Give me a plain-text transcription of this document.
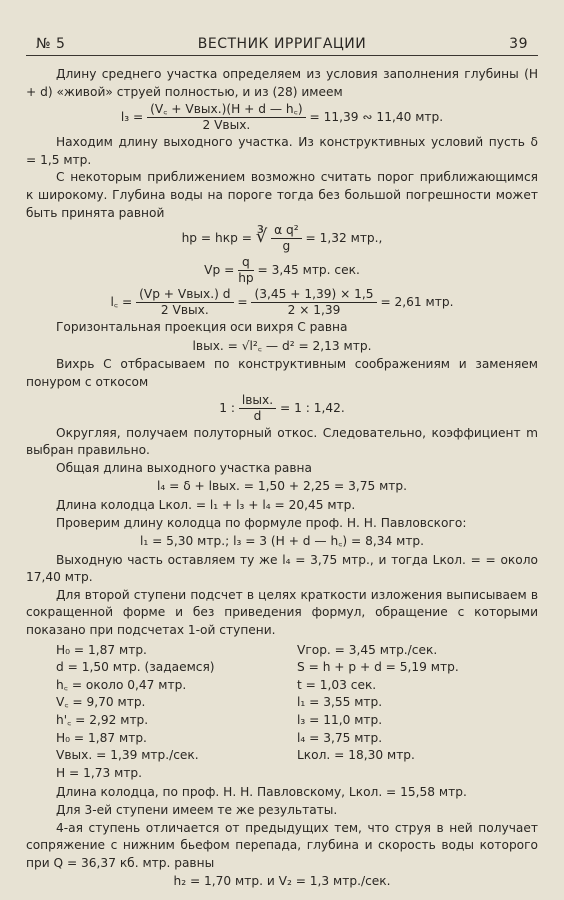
№ 5	ВЕСТНИК ИРРИГАЦИИ	39

Длину среднего участка определяем из условия заполнения глубины (H + d) «живой» струей полностью, и из (28) имеем

$l_3 = \frac{\text{(V꜀ + Vвых.)(H + d — h꜀)}}{\text{2 Vвых.}} = 11,39$ ∾ 11,40 мтр.

Находим длину выходного участка. Из конструктивных условий пусть δ = 1,5 мтр.

С некоторым приближением возможно считать порог приближающимся к широкому. Глубина воды на пороге тогда без большой погрешности может быть принята равной

hр = hкр = ∛ $\frac{\text{α q²}}{g} = 1,32$ мтр.,
Vр = $\frac{q}{hр} = 3,45$ мтр. сек.
l꜀ = $\frac{\text{(Vр + Vвых.) d}}{\text{2 Vвых.}} = \frac{(3,45 + 1,39) \times 1,5}{2 \times 1,39} = 2,61$ мтр.

Горизонтальная проекция оси вихря C равна

lвых. = √l²꜀ — d² = 2,13 мтр.

Вихрь C отбрасываем по конструктивным соображениям и заменяем понуром с откосом

1 : $\frac{\text{lвых.}}{d} = 1$ : 1,42.

Округляя, получаем полуторный откос. Следовательно, коэффициент m выбран правильно.

Общая длина выходного участка равна

l₄ = δ + lвых. = 1,50 + 2,25 = 3,75 мтр.

Длина колодца Lкол. = l₁ + l₃ + l₄ = 20,45 мтр.

Проверим длину колодца по формуле проф. Н. Н. Павловского:

l₁ = 5,30 мтр.; l₃ = 3 (H + d — h꜀) = 8,34 мтр.

Выходную часть оставляем ту же l₄ = 3,75 мтр., и тогда Lкол. = = около 17,40 мтр.

Для второй ступени подсчет в целях краткости изложения выписываем в сокращенной форме и без приведения формул, обращение с которыми показано при подсчетах 1-ой ступени.

H₀ = 1,87 мтр.
d = 1,50 мтр. (задаемся)
h꜀ = около 0,47 мтр.
V꜀ = 9,70 мтр.
h'꜀ = 2,92 мтр.
H₀ = 1,87 мтр.
Vвых. = 1,39 мтр./сек.
H = 1,73 мтр.
Vгор. = 3,45 мтр./сек.
S = h + p + d = 5,19 мтр.
t = 1,03 сек.
l₁ = 3,55 мтр.
l₃ = 11,0 мтр.
l₄ = 3,75 мтр.
Lкол. = 18,30 мтр.

Длина колодца, по проф. Н. Н. Павловскому, Lкол. = 15,58 мтр.

Для 3-ей ступени имеем те же результаты.

4-ая ступень отличается от предыдущих тем, что струя в ней получает сопряжение с нижним бьефом перепада, глубина и скорость воды которого при Q = 36,37 кб. мтр. равны

h₂ = 1,70 мтр. и V₂ = 1,3 мтр./сек.
